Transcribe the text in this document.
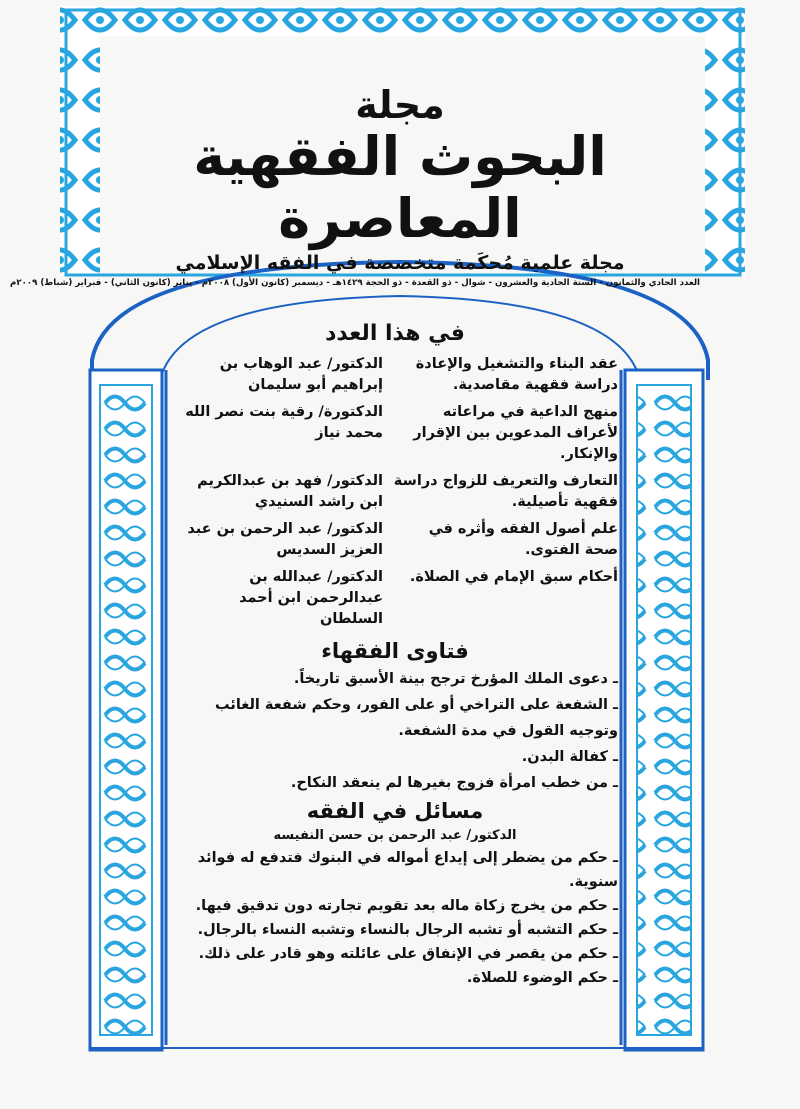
مجلة
البحوث الفقهية المعاصرة
مجلة علمية مُحكَمة متخصصة في الفقه الإسلامي
العدد الحادي والثمانون - السنة الحادية والعشرون - شوال - ذو القعدة - ذو الحجة ١٤٢٩هـ - ديسمبر (كانون الأول) ٢٠٠٨م - يناير (كانون الثاني) - فبراير (شباط) ٢٠٠٩م
في هذا العدد
عقد البناء والتشغيل والإعادة دراسة فقهية مقاصدية.
الدكتور/ عبد الوهاب بن إبراهيم أبو سليمان
منهج الداعية في مراعاته لأعراف المدعوين بين الإقرار والإنكار.
الدكتورة/ رقية بنت نصر الله محمد نياز
التعارف والتعريف للزواج دراسة فقهية تأصيلية.
الدكتور/ فهد بن عبدالكريم ابن راشد السنيدي
علم أصول الفقه وأثره في صحة الفتوى.
الدكتور/ عبد الرحمن بن عبد العزيز السديس
أحكام سبق الإمام في الصلاة.
الدكتور/ عبدالله بن عبدالرحمن ابن أحمد السلطان
فتاوى الفقهاء
ـ دعوى الملك المؤرخ ترجح بينة الأسبق تاريخاً.
ـ الشفعة على التراخي أو على الفور، وحكم شفعة الغائب وتوجيه القول في مدة الشفعة.
ـ كفالة البدن.
ـ من خطب امرأة فزوج بغيرها لم ينعقد النكاح.
مسائل في الفقه
الدكتور/ عبد الرحمن بن حسن النفيسه
ـ حكم من يضطر إلى إيداع أمواله في البنوك فتدفع له فوائد سنوية.
ـ حكم من يخرج زكاة ماله بعد تقويم تجارته دون تدقيق فيها.
ـ حكم التشبه أو تشبه الرجال بالنساء وتشبه النساء بالرجال.
ـ حكم من يقصر في الإنفاق على عائلته وهو قادر على ذلك.
ـ حكم الوضوء للصلاة.
